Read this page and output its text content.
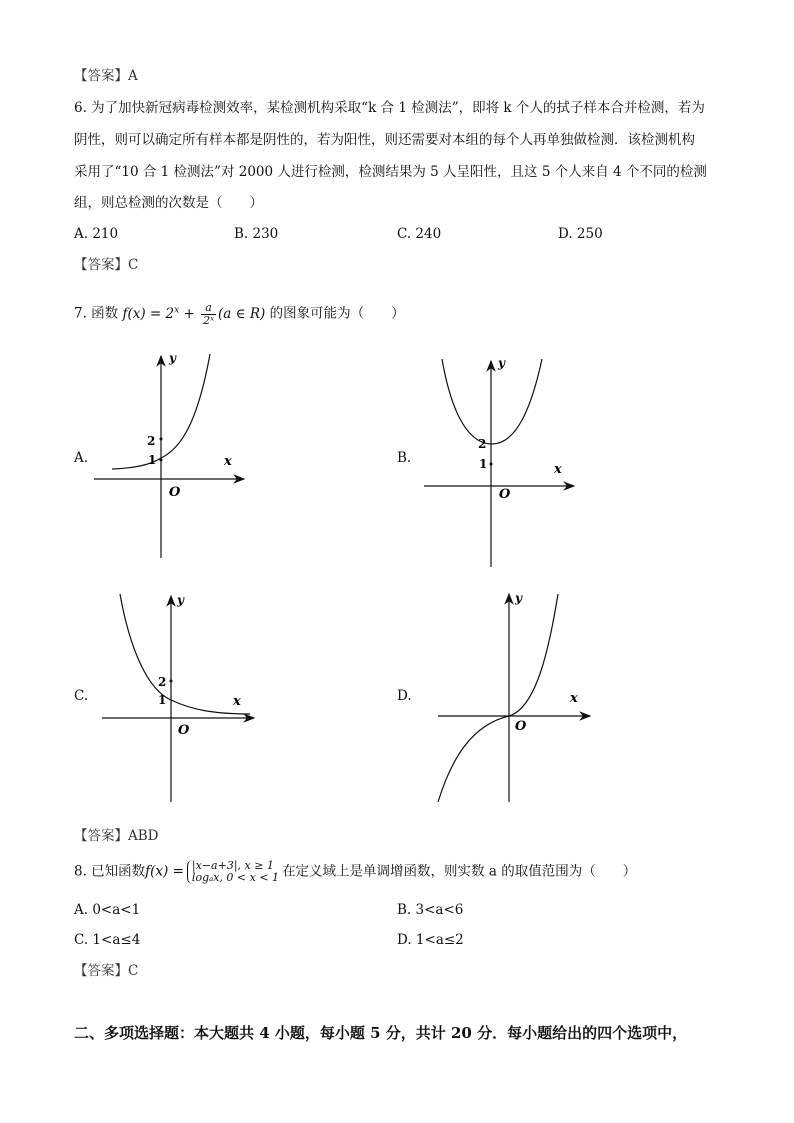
【答案】A
6. 为了加快新冠病毒检测效率，某检测机构采取“k 合 1 检测法”，即将 k 个人的拭子样本合并检测，若为
阴性，则可以确定所有样本都是阴性的，若为阳性，则还需要对本组的每个人再单独做检测．该检测机构
采用了“10 合 1 检测法”对 2000 人进行检测，检测结果为 5 人呈阳性，且这 5 个人来自 4 个不同的检测
组，则总检测的次数是（　　）
A. 210	B. 230	C. 240	D. 250
【答案】C
7. 函数 $f(x) = 2^x + \frac{a}{\text{2ˣ}} (a$ ∈ R) 的图象可能为（　　）
A.	B.
C.	D.
2
1	x
y
O
2
1	x
y
O
2
1	x
y
O
x
y
O
【答案】ABD
8. 已知函数f(x) = |x−a+3|, x ≥ 1
logₐx, 0 < x < 1 在定义域上是单调增函数，则实数 a 的取值范围为（　　）
A. 0<a<1	B. 3<a<6
C. 1<a≤4	D. 1<a≤2
【答案】C
二、多项选择题：本大题共 4 小题，每小题 5 分，共计 20 分．每小题给出的四个选项中，
